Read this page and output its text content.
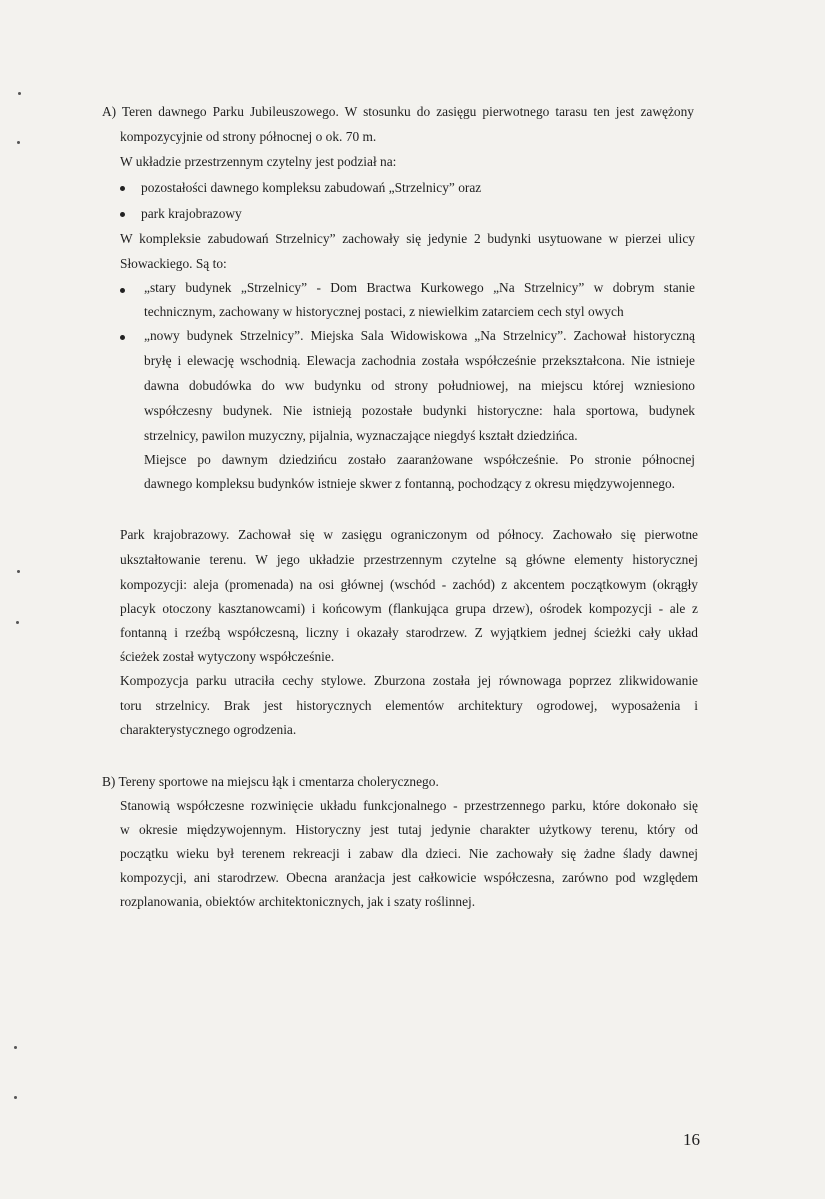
A) Teren dawnego Parku Jubileuszowego. W stosunku do zasięgu pierwotnego tarasu ten jest zawężony
kompozycyjnie od strony północnej o ok. 70 m.
W układzie przestrzennym czytelny jest podział na:
pozostałości dawnego kompleksu zabudowań „Strzelnicy” oraz
park krajobrazowy
W kompleksie zabudowań Strzelnicy” zachowały się jedynie 2 budynki usytuowane w pierzei ulicy
Słowackiego. Są to:
„stary budynek „Strzelnicy” - Dom Bractwa Kurkowego „Na Strzelnicy” w dobrym stanie
technicznym, zachowany w historycznej postaci, z niewielkim zatarciem cech styl owych
„nowy budynek Strzelnicy”. Miejska Sala Widowiskowa „Na Strzelnicy”. Zachował historyczną
bryłę i elewację wschodnią. Elewacja zachodnia została współcześnie przekształcona. Nie istnieje
dawna dobudówka do ww budynku od strony południowej, na miejscu której wzniesiono
współczesny budynek. Nie istnieją pozostałe budynki historyczne: hala sportowa, budynek
strzelnicy, pawilon muzyczny, pijalnia, wyznaczające niegdyś kształt dziedzińca.
Miejsce po dawnym dziedzińcu zostało zaaranżowane współcześnie. Po stronie północnej
dawnego kompleksu budynków istnieje skwer z fontanną, pochodzący z okresu międzywojennego.
Park krajobrazowy. Zachował się w zasięgu ograniczonym od północy. Zachowało się pierwotne
ukształtowanie terenu. W jego układzie przestrzennym czytelne są główne elementy historycznej
kompozycji: aleja (promenada) na osi głównej (wschód - zachód) z akcentem początkowym (okrągły
placyk otoczony kasztanowcami) i końcowym (flankująca grupa drzew), ośrodek kompozycji - ale z
fontanną i rzeźbą współczesną, liczny i okazały starodrzew. Z wyjątkiem jednej ścieżki cały układ
ścieżek został wytyczony współcześnie.
Kompozycja parku utraciła cechy stylowe. Zburzona została jej równowaga poprzez zlikwidowanie
toru strzelnicy. Brak jest historycznych elementów architektury ogrodowej, wyposażenia i
charakterystycznego ogrodzenia.
B) Tereny sportowe na miejscu łąk i cmentarza cholerycznego.
Stanowią współczesne rozwinięcie układu funkcjonalnego - przestrzennego parku, które dokonało się
w okresie międzywojennym. Historyczny jest tutaj jedynie charakter użytkowy terenu, który od
początku wieku był terenem rekreacji i zabaw dla dzieci. Nie zachowały się żadne ślady dawnej
kompozycji, ani starodrzew. Obecna aranżacja jest całkowicie współczesna, zarówno pod względem
rozplanowania, obiektów architektonicznych, jak i szaty roślinnej.
16
